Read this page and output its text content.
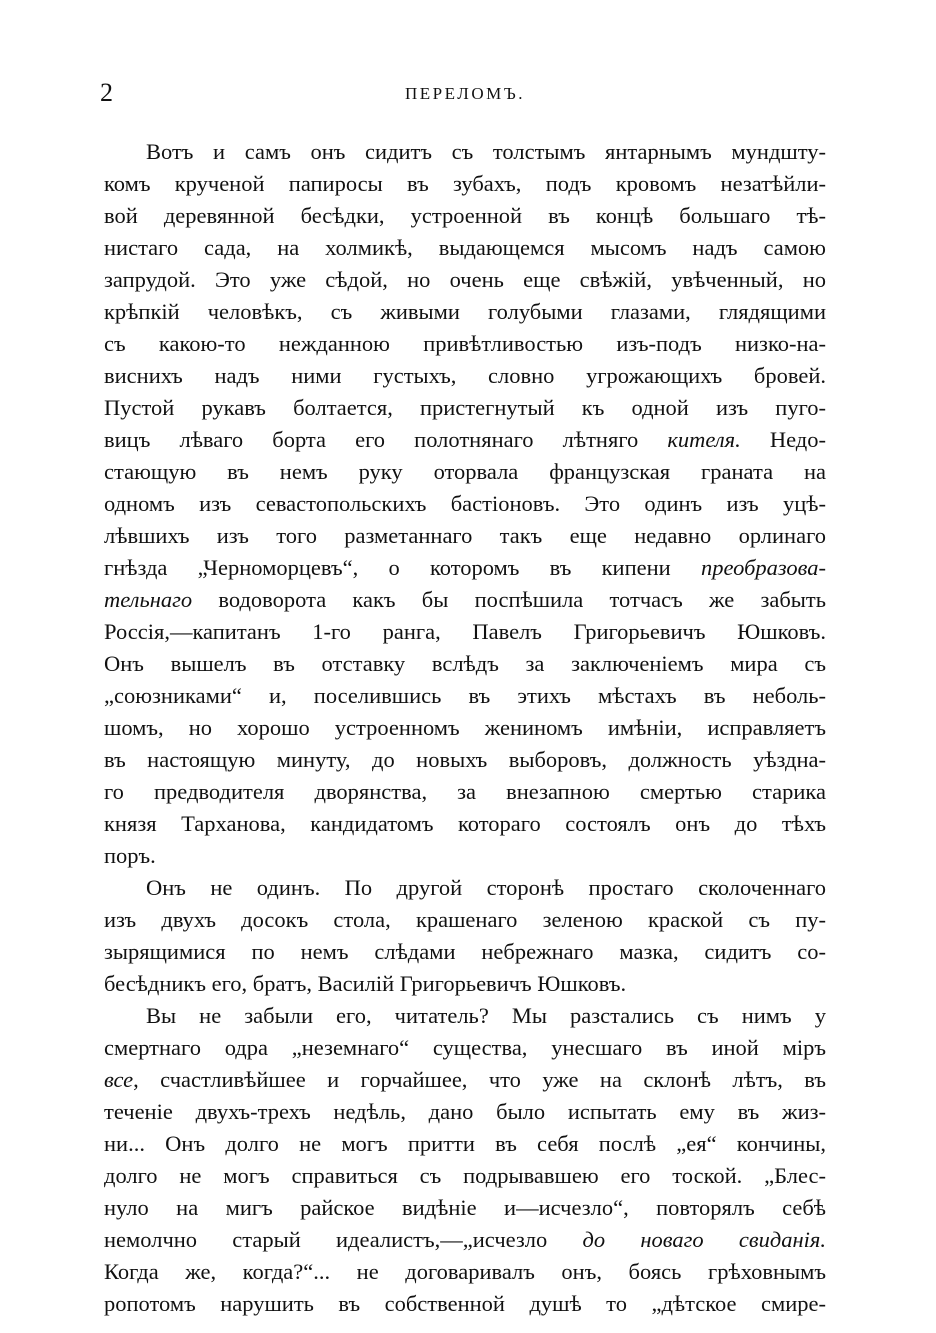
2	ПЕРЕЛОМЪ.
Вотъ и самъ онъ сидитъ съ толстымъ янтарнымъ мундшту-
комъ крученой папиросы въ зубахъ, подъ кровомъ незатѣйли-
вой деревянной бесѣдки, устроенной въ концѣ большаго тѣ-
нистаго сада, на холмикѣ, выдающемся мысомъ надъ самою
запрудой. Это уже сѣдой, но очень еще свѣжій, увѣченный, но
крѣпкій человѣкъ, съ живыми голубыми глазами, глядящими
съ какою-то нежданною привѣтливостью изъ-подъ низко-на-
виснихъ надъ ними густыхъ, словно угрожающихъ бровей.
Пустой рукавъ болтается, пристегнутый къ одной изъ пуго-
вицъ лѣваго борта его полотнянаго лѣтняго кителя. Недо-
стающую въ немъ руку оторвала французская граната на
одномъ изъ севастопольскихъ бастіоновъ. Это одинъ изъ уцѣ-
лѣвшихъ изъ того разметаннаго такъ еще недавно орлинаго
гнѣзда „Черноморцевъ“, о которомъ въ кипени преобразова-
тельнаго водоворота какъ бы поспѣшила тотчасъ же забыть
Россія,—капитанъ 1-го ранга, Павелъ Григорьевичъ Юшковъ.
Онъ вышелъ въ отставку вслѣдъ за заключеніемъ мира съ
„союзниками“ и, поселившись въ этихъ мѣстахъ въ неболь-
шомъ, но хорошо устроенномъ жениномъ имѣніи, исправляетъ
въ настоящую минуту, до новыхъ выборовъ, должность уѣздна-
го предводителя дворянства, за внезапною смертью старика
князя Тарханова, кандидатомъ котораго состоялъ онъ до тѣхъ
поръ.
Онъ не одинъ. По другой сторонѣ простаго сколоченнаго
изъ двухъ досокъ стола, крашенаго зеленою краской съ пу-
зырящимися по немъ слѣдами небрежнаго мазка, сидитъ со-
бесѣдникъ его, братъ, Василій Григорьевичъ Юшковъ.
Вы не забыли его, читатель? Мы разстались съ нимъ у
смертнаго одра „неземнаго“ существа, унесшаго въ иной міръ
все, счастливѣйшее и горчайшее, что уже на склонѣ лѣтъ, въ
теченіе двухъ-трехъ недѣль, дано было испытать ему въ жиз-
ни... Онъ долго не могъ притти въ себя послѣ „ея“ кончины,
долго не могъ справиться съ подрывавшею его тоской. „Блес-
нуло на мигъ райское видѣніе и—исчезло“, повторялъ себѣ
немолчно старый идеалистъ,—„исчезло до новаго свиданія.
Когда же, когда?“... не договаривалъ онъ, боясь грѣховнымъ
ропотомъ нарушить въ собственной душѣ то „дѣтское смире-
